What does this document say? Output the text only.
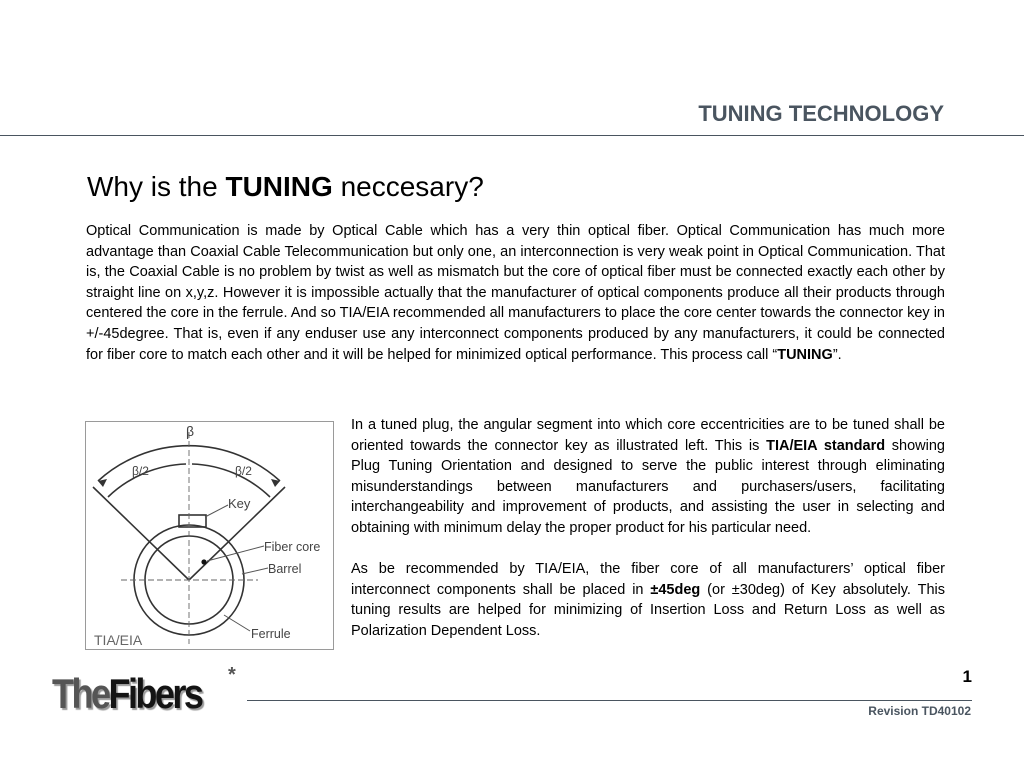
TUNING TECHNOLOGY
Why is the TUNING neccesary?
Optical Communication is made by Optical Cable which has a very thin optical fiber. Optical Communication has much more advantage than Coaxial Cable Telecommunication but only one, an interconnection is very weak point in Optical Communication. That is, the Coaxial Cable is no problem by twist as well as mismatch but the core of optical fiber must be connected exactly each other by straight line on x,y,z. However it is impossible actually that the manufacturer of optical components produce all their products through centered the core in the ferrule. And so TIA/EIA recommended all manufacturers to place the core center towards the connector key in +/-45degree. That is, even if any enduser use any interconnect components produced by any manufacturers, it could be connected for fiber core to match each other and it will be helped for minimized optical performance. This process call “TUNING”.
β
β/2	β/2
Key
Fiber core
Barrel
Ferrule
TIA/EIA

In a tuned plug, the angular segment into which core eccentricities are to be tuned shall be oriented towards the connector key as illustrated left. This is TIA/EIA standard showing Plug Tuning Orientation and designed to serve the public interest through eliminating misunderstandings between manufacturers and purchasers/users, facilitating interchangeability and improvement of products, and assisting the user in selecting and obtaining with minimum delay the proper product for his particular need.

As be recommended by TIA/EIA, the fiber core of all manufacturers’ optical fiber interconnect components shall be placed in ±45deg (or ±30deg) of Key absolutely. This tuning results are helped for minimizing of Insertion Loss and Return Loss as well as Polarization Dependent Loss.

TheFibers *	1
Revision TD40102
